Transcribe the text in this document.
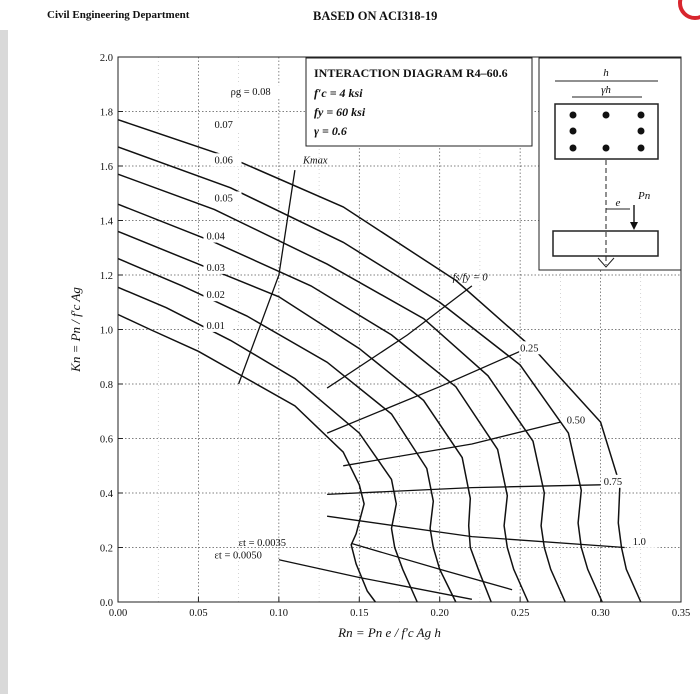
Civil Engineering Department	BASED ON ACI318-19
0.00	0.05	0.10	0.15	0.20	0.25	0.30	0.35
0.0
0.2
0.4
0.6
0.8
1.0
1.2
1.4
1.6
1.8
2.0
Rn = Pn e / f′c Ag h
Kn = Pn / f′c Ag	0.01
0.02
0.03
0.04
0.05
0.06
0.07
ρg = 0.08
Kmax
εt = 0.0035
εt = 0.0050
fs/fy = 0
0.25
0.50
0.75
1.0
INTERACTION DIAGRAM R4–60.6
f′c = 4 ksi
fy = 60 ksi
γ = 0.6
h
γh
e
Pn
